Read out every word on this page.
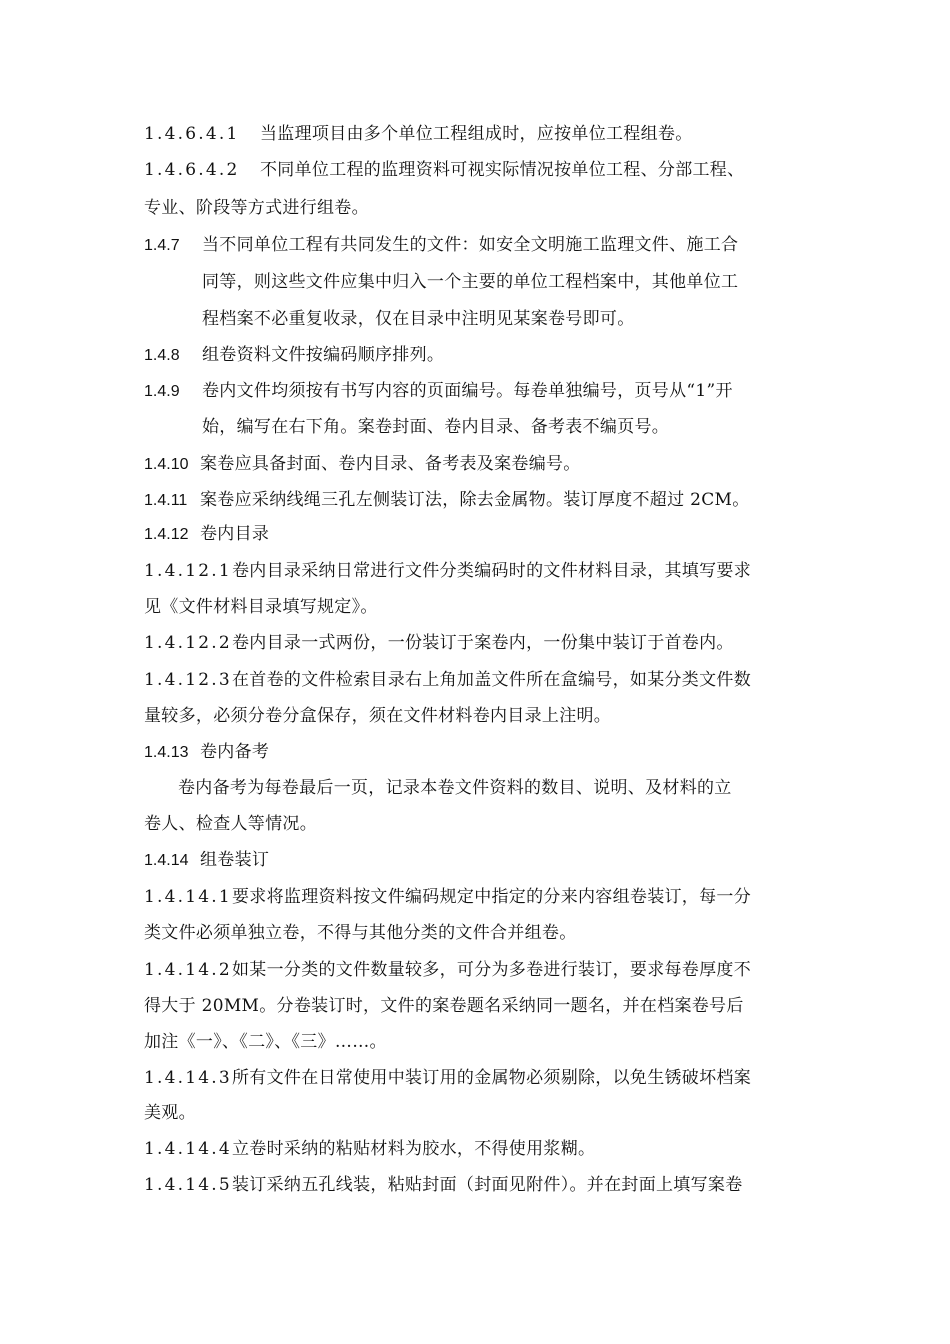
1.4.6.4.1 当监理项目由多个单位工程组成时，应按单位工程组卷。
1.4.6.4.2 不同单位工程的监理资料可视实际情况按单位工程、分部工程、
专业、阶段等方式进行组卷。
1.4.7 当不同单位工程有共同发生的文件：如安全文明施工监理文件、施工合
同等，则这些文件应集中归入一个主要的单位工程档案中，其他单位工
程档案不必重复收录，仅在目录中注明见某案卷号即可。
1.4.8 组卷资料文件按编码顺序排列。
1.4.9 卷内文件均须按有书写内容的页面编号。每卷单独编号，页号从“1”开
始，编写在右下角。案卷封面、卷内目录、备考表不编页号。
1.4.10 案卷应具备封面、卷内目录、备考表及案卷编号。
1.4.11 案卷应采纳线绳三孔左侧装订法，除去金属物。装订厚度不超过 2CM。
1.4.12 卷内目录
1.4.12.1卷内目录采纳日常进行文件分类编码时的文件材料目录，其填写要求
见《文件材料目录填写规定》。
1.4.12.2卷内目录一式两份，一份装订于案卷内，一份集中装订于首卷内。
1.4.12.3在首卷的文件检索目录右上角加盖文件所在盒编号，如某分类文件数
量较多，必须分卷分盒保存，须在文件材料卷内目录上注明。
1.4.13 卷内备考
卷内备考为每卷最后一页，记录本卷文件资料的数目、说明、及材料的立
卷人、检查人等情况。
1.4.14 组卷装订
1.4.14.1要求将监理资料按文件编码规定中指定的分来内容组卷装订，每一分
类文件必须单独立卷，不得与其他分类的文件合并组卷。
1.4.14.2如某一分类的文件数量较多，可分为多卷进行装订，要求每卷厚度不
得大于 20MM。分卷装订时，文件的案卷题名采纳同一题名，并在档案卷号后
加注《一》、《二》、《三》……。
1.4.14.3所有文件在日常使用中装订用的金属物必须剔除，以免生锈破坏档案
美观。
1.4.14.4立卷时采纳的粘贴材料为胶水，不得使用浆糊。
1.4.14.5装订采纳五孔线装，粘贴封面（封面见附件）。并在封面上填写案卷
